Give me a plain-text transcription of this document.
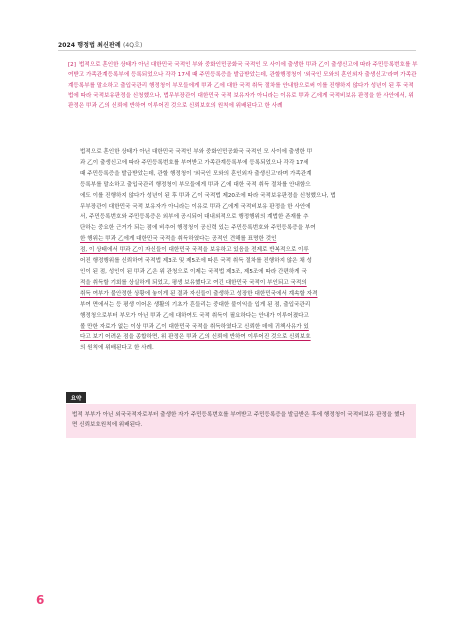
2024 행정법 최신판례 (4Q호)
[2] 법적으로 혼인한 상태가 아닌 대한민국 국적인 부와 중화인민공화국 국적인 모 사이에 출생한 甲과 乙이 출생신고에 따라 주민등록번호를 부여받고 가족관계등록부에 등록되었으나 각각 17세 때 주민등록증을 발급받았는데, 관할행정청이 '외국인 모와의 혼인외자 출생신고'라며 가족관계등록부를 말소하고 출입국관리 행정청이 부모들에게 甲과 乙에 대한 국적 취득 절차를 안내함으로써 이를 진행하지 않다가 성년이 된 후 국적법에 따라 국적보유판정을 신청했으나, 법무부장관이 대한민국 국적 보유자가 아니라는 이유로 甲과 乙에게 국적비보유 판정을 한 사안에서, 위 판정은 甲과 乙의 신뢰에 반하여 이루어진 것으로 신뢰보호의 원칙에 위배된다고 한 사례
법적으로 혼인한 상태가 아닌 대한민국 국적인 부와 중화인민공화국 국적인 모 사이에 출생한 甲
과 乙이 출생신고에 따라 주민등록번호를 부여받고 가족관계등록부에 등록되었으나 각각 17세
때 주민등록증을 발급받았는데, 관할 행정청이 '외국인 모와의 혼인외자 출생신고'라며 가족관계
등록부를 말소하고 출입국관리 행정청이 부모들에게 甲과 乙에 대한 국적 취득 절차를 안내함으
에도 이를 진행하지 않다가 성년이 된 후 甲과 乙이 국적법 제20조에 따라 국적보유판정을 신청했으나, 법
무부장관이 대한민국 국적 보유자가 아니라는 이유로 甲과 乙에게 국적비보유 판정을 한 사안에
서, 주민등록번호와 주민등록증은 외부에 공시되어 대내외적으로 행정행위의 계법한 존재를 추
단하는 중요한 근거가 되는 점에 비추어 행정청이 공신력 있는 주민등록번호와 주민등록증을 부여
한 행위는 甲과 乙에게 대한민국 국적을 취득하였다는 공적인 견해를 표명한 것인
점, 이 상태에서 甲과 乙이 자신들이 대한민국 국적을 보유하고 있음을 전제로 반복적으로 이루
어진 행정행위를 신뢰하여 국적법 제3조 및 제5조에 따른 국적 취득 절차를 진행하지 않은 채 성
인이 된 점, 성인이 된 甲과 乙은 위 관청으로 이제는 국적법 제3조, 제5조에 따라 간편하게 국
적을 취득할 기회를 상실하게 되었고, 평생 보유했다고 여긴 대한민국 국적이 부인되고 국적의
취득 여부가 불안정한 상황에 놓이게 된 결과 자신들이 출생하고 성장한 대한민국에서 계속할 자격
부여 면에서는 등 평생 이어온 생활의 기초가 흔들리는 중대한 불이익을 입게 된 점, 출입국관리
행정청으로부터 부모가 아닌 甲과 乙에 대하여도 국적 취득이 필요하다는 안내가 이루어졌다고
볼 만한 자료가 없는 이상 甲과 乙이 대한민국 국적을 취득하였다고 신뢰한 데에 귀책사유가 있
다고 보기 어려운 점을 종합하면, 위 판정은 甲과 乙의 신뢰에 반하여 이루어진 것으로 신뢰보호
의 원칙에 위배된다고 한 사례.
요약
법적 부부가 아닌 외국국적자로부터 출생한 자가 주민등록번호를 부여받고 주민등록증을 발급받은 후에 행정청이 국적비보유 판정을 했다면 신뢰보호원칙에 위배된다.
6
